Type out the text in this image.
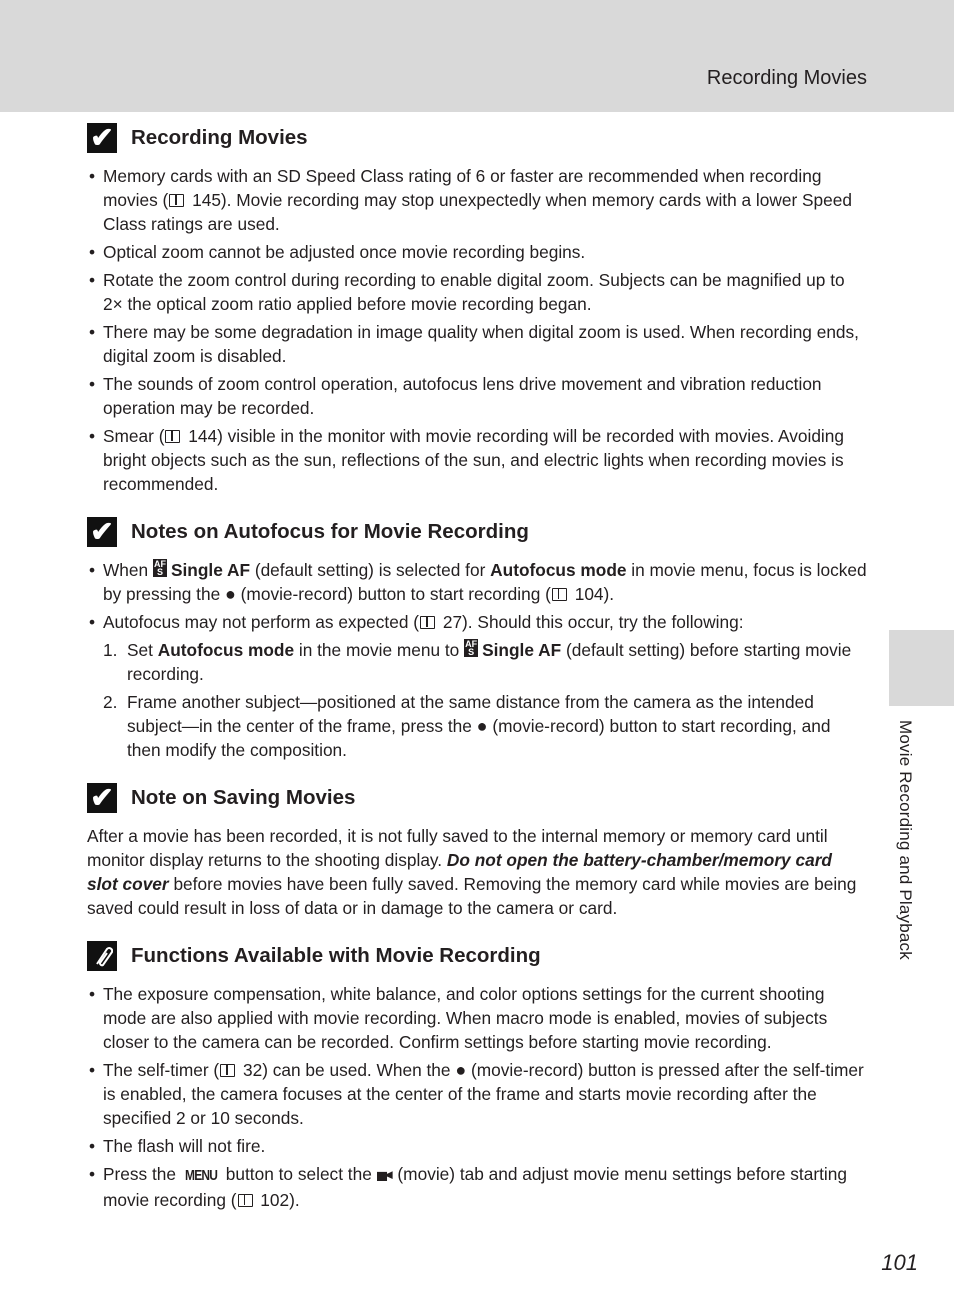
Recording Movies
Movie Recording and Playback
101
✔ Recording Movies
• Memory cards with an SD Speed Class rating of 6 or faster are recommended when recording movies ( 145). Movie recording may stop unexpectedly when memory cards with a lower Speed Class ratings are used.
• Optical zoom cannot be adjusted once movie recording begins.
• Rotate the zoom control during recording to enable digital zoom. Subjects can be magnified up to 2× the optical zoom ratio applied before movie recording began.
• There may be some degradation in image quality when digital zoom is used. When recording ends, digital zoom is disabled.
• The sounds of zoom control operation, autofocus lens drive movement and vibration reduction operation may be recorded.
• Smear ( 144) visible in the monitor with movie recording will be recorded with movies. Avoiding bright objects such as the sun, reflections of the sun, and electric lights when recording movies is recommended.
✔ Notes on Autofocus for Movie Recording
• When AF
S Single AF (default setting) is selected for Autofocus mode in movie menu, focus is locked by pressing the ● (movie-record) button to start recording ( 104).
• Autofocus may not perform as expected ( 27). Should this occur, try the following:
1. Set Autofocus mode in the movie menu to AF
S Single AF (default setting) before starting movie recording.
2. Frame another subject—positioned at the same distance from the camera as the intended subject—in the center of the frame, press the ● (movie-record) button to start recording, and then modify the composition.
✔ Note on Saving Movies

After a movie has been recorded, it is not fully saved to the internal memory or memory card until monitor display returns to the shooting display. Do not open the battery-chamber/memory card slot cover before movies have been fully saved. Removing the memory card while movies are being saved could result in loss of data or in damage to the camera or card.

Functions Available with Movie Recording
• The exposure compensation, white balance, and color options settings for the current shooting mode are also applied with movie recording. When macro mode is enabled, movies of subjects closer to the camera can be recorded. Confirm settings before starting movie recording.
• The self-timer ( 32) can be used. When the ● (movie-record) button is pressed after the self-timer is enabled, the camera focuses at the center of the frame and starts movie recording after the specified 2 or 10 seconds.
• The flash will not fire.
• Press the MENU button to select the  (movie) tab and adjust movie menu settings before starting movie recording ( 102).
